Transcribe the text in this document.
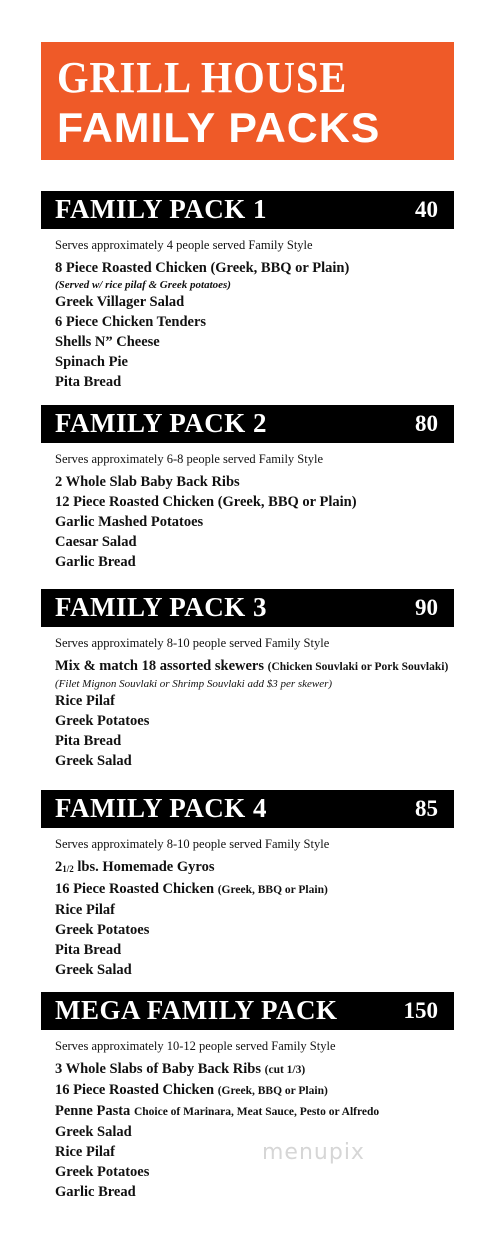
GRILL HOUSE
FAMILY PACKS
FAMILY PACK 1	40
Serves approximately 4 people served Family Style
8 Piece Roasted Chicken (Greek, BBQ or Plain)
(Served w/ rice pilaf & Greek potatoes)
Greek Villager Salad
6 Piece Chicken Tenders
Shells N” Cheese
Spinach Pie
Pita Bread
FAMILY PACK 2	80
Serves approximately 6-8 people served Family Style
2 Whole Slab Baby Back Ribs
12 Piece Roasted Chicken (Greek, BBQ or Plain)
Garlic Mashed Potatoes
Caesar Salad
Garlic Bread
FAMILY PACK 3	90
Serves approximately 8-10 people served Family Style
Mix & match 18 assorted skewers (Chicken Souvlaki or Pork Souvlaki)
(Filet Mignon Souvlaki or Shrimp Souvlaki add $3 per skewer)
Rice Pilaf
Greek Potatoes
Pita Bread
Greek Salad
FAMILY PACK 4	85
Serves approximately 8-10 people served Family Style
$2_{1/2}$ lbs. Homemade Gyros
16 Piece Roasted Chicken (Greek, BBQ or Plain)
Rice Pilaf
Greek Potatoes
Pita Bread
Greek Salad
MEGA FAMILY PACK	150
Serves approximately 10-12 people served Family Style
3 Whole Slabs of Baby Back Ribs (cut 1/3)
16 Piece Roasted Chicken (Greek, BBQ or Plain)
Penne Pasta Choice of Marinara, Meat Sauce, Pesto or Alfredo
Greek Salad
Rice Pilaf
Greek Potatoes
Garlic Bread
menupix
